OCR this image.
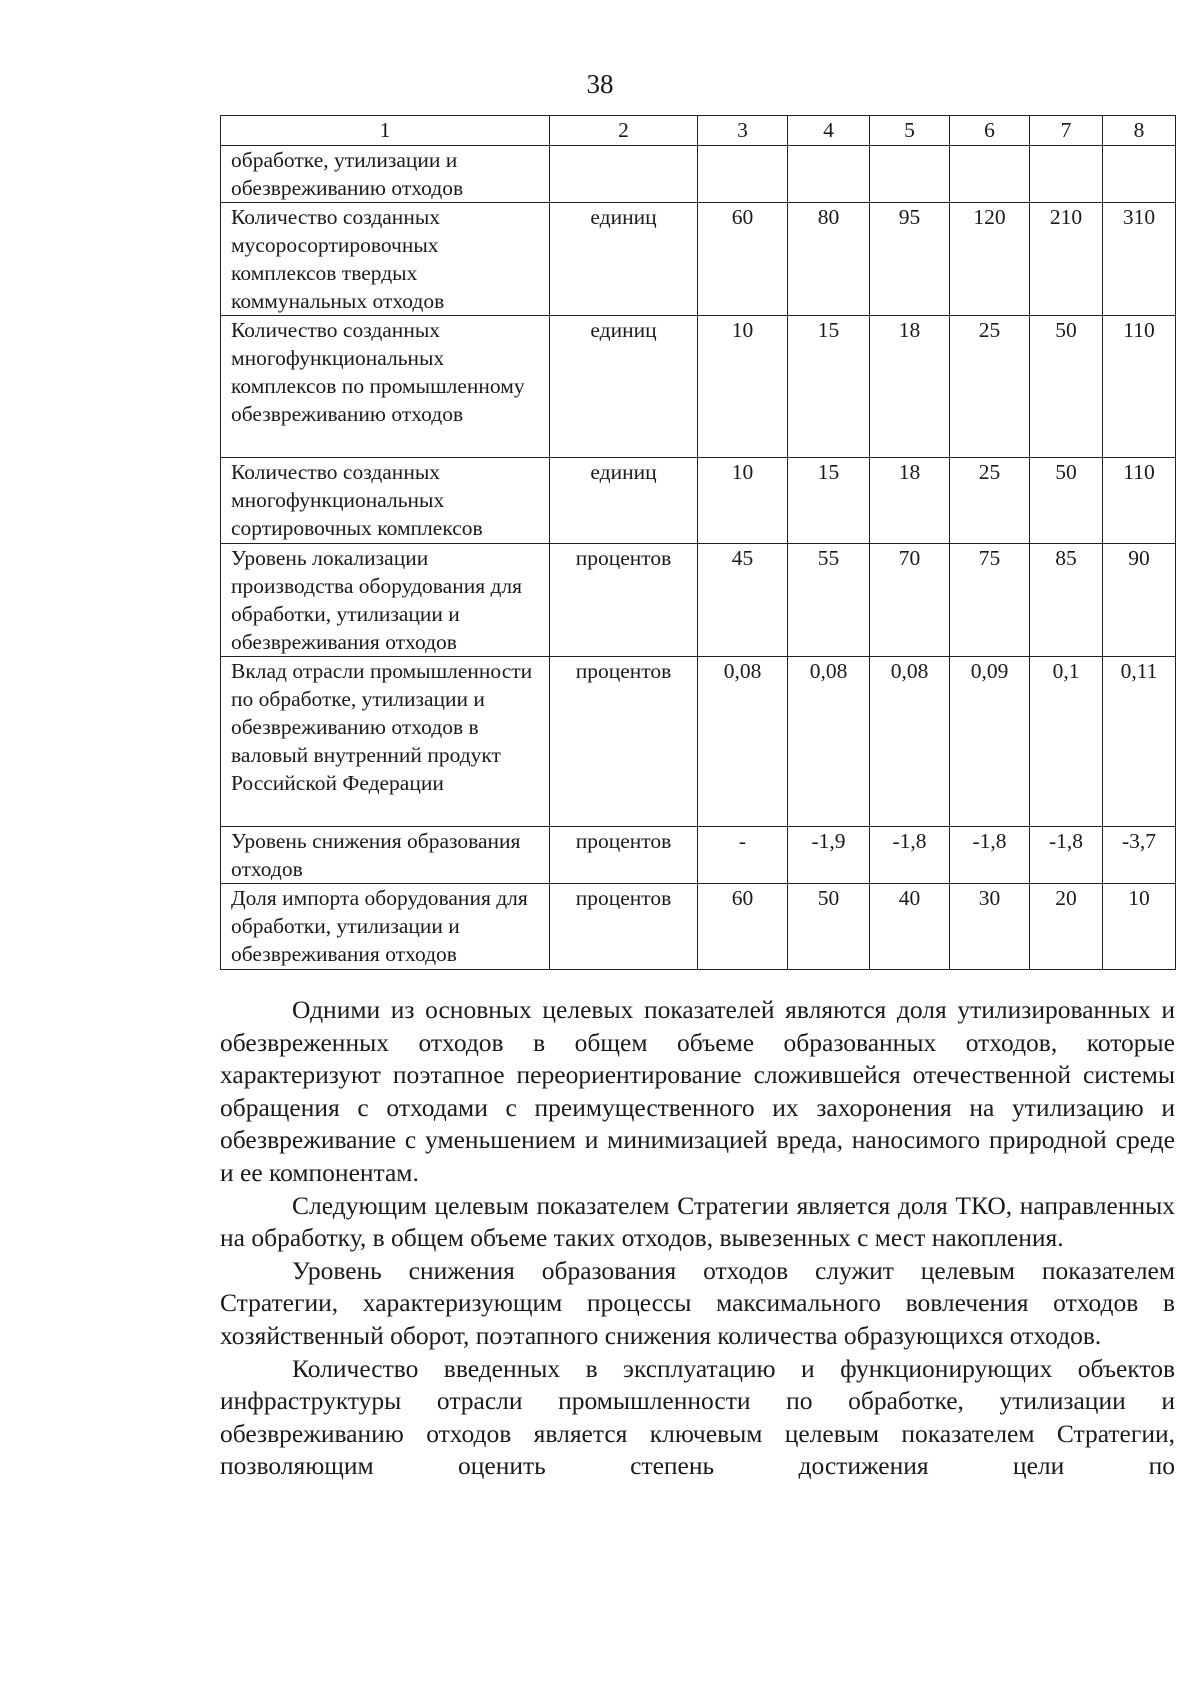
38
1	2	3	4	5	6	7	8
обработке, утилизации и обезвреживанию отходов							
Количество созданных мусоросортировочных комплексов твердых коммунальных отходов	единиц	60	80	95	120	210	310
Количество созданных многофункциональных комплексов по промышленному обезвреживанию отходов	единиц	10	15	18	25	50	110
Количество созданных многофункциональных сортировочных комплексов	единиц	10	15	18	25	50	110
Уровень локализации производства оборудования для обработки, утилизации и обезвреживания отходов	процентов	45	55	70	75	85	90
Вклад отрасли промышленности по обработке, утилизации и обезвреживанию отходов в валовый внутренний продукт Российской Федерации	процентов	0,08	0,08	0,08	0,09	0,1	0,11
Уровень снижения образования отходов	процентов	-	-1,9	-1,8	-1,8	-1,8	-3,7
Доля импорта оборудования для обработки, утилизации и обезвреживания отходов	процентов	60	50	40	30	20	10

Одними из основных целевых показателей являются доля утилизированных и обезвреженных отходов в общем объеме образованных отходов, которые характеризуют поэтапное переориентирование сложившейся отечественной системы обращения с отходами с преимущественного их захоронения на утилизацию и обезвреживание с уменьшением и минимизацией вреда, наносимого природной среде и ее компонентам.

Следующим целевым показателем Стратегии является доля ТКО, направленных на обработку, в общем объеме таких отходов, вывезенных с мест накопления.

Уровень снижения образования отходов служит целевым показателем Стратегии, характеризующим процессы максимального вовлечения отходов в хозяйственный оборот, поэтапного снижения количества образующихся отходов.

Количество введенных в эксплуатацию и функционирующих объектов инфраструктуры отрасли промышленности по обработке, утилизации и обезвреживанию отходов является ключевым целевым показателем Стратегии, позволяющим оценить степень достижения цели по
